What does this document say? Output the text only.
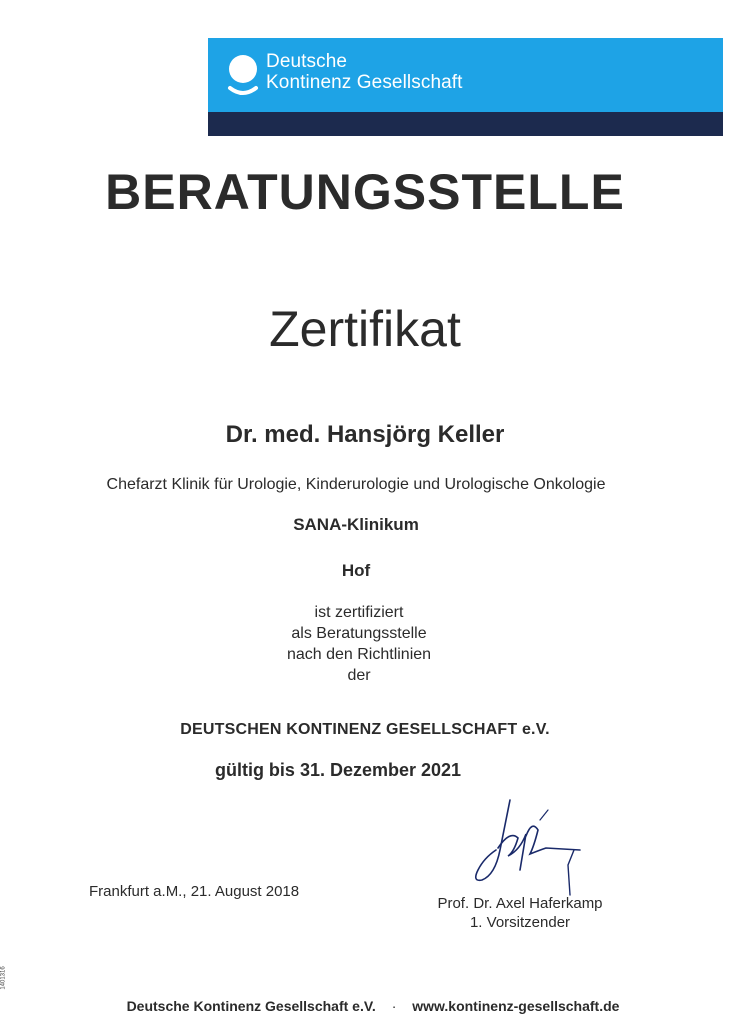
Deutsche
Kontinenz Gesellschaft
BERATUNGSSTELLE
Zertifikat
Dr. med. Hansjörg Keller
Chefarzt Klinik für Urologie, Kinderurologie und Urologische Onkologie
SANA-Klinikum
Hof
ist zertifiziert
als Beratungsstelle
nach den Richtlinien
der
DEUTSCHEN KONTINENZ GESELLSCHAFT e.V.
gültig bis 31. Dezember 2021
Frankfurt a.M., 21. August 2018
Prof. Dr. Axel Haferkamp
1. Vorsitzender
1401316
Deutsche Kontinenz Gesellschaft e.V. · www.kontinenz-gesellschaft.de
